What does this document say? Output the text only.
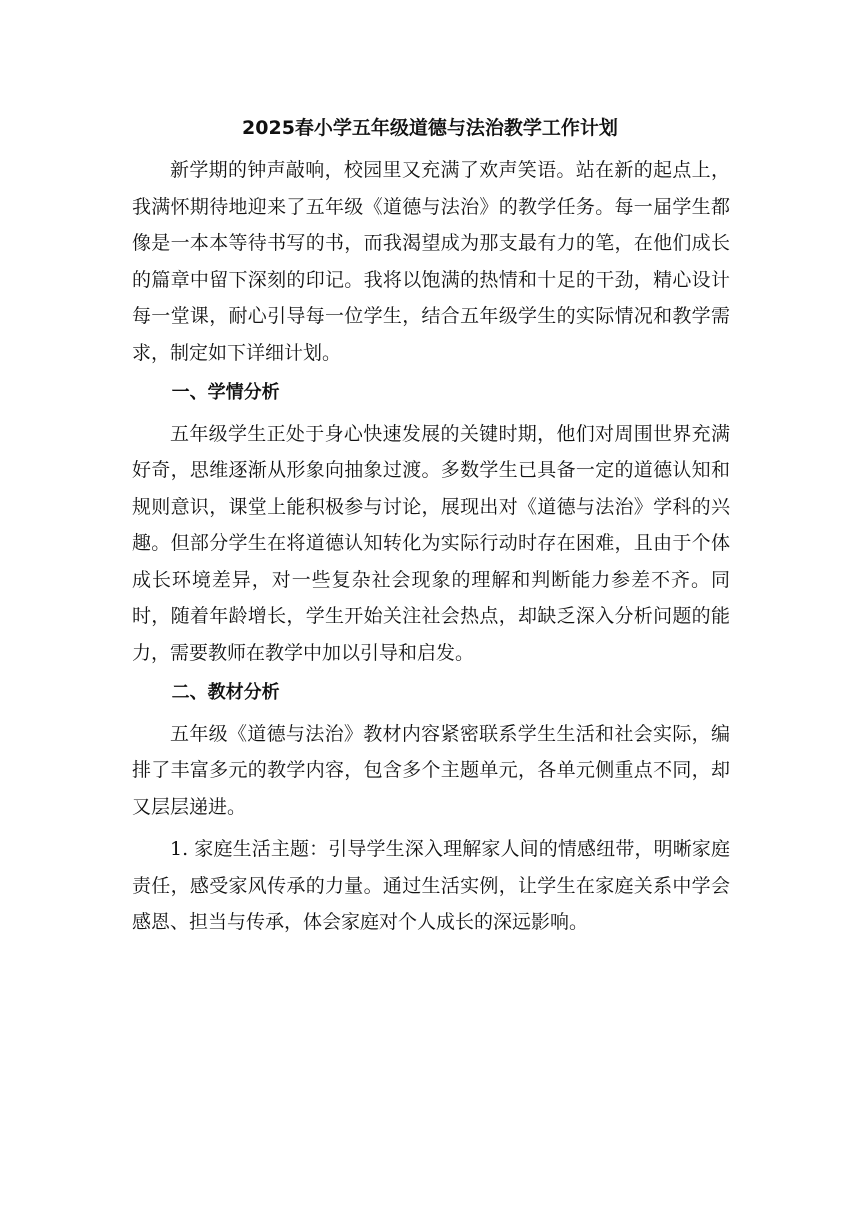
2025春小学五年级道德与法治教学工作计划

新学期的钟声敲响，校园里又充满了欢声笑语。站在新的起点上，我满怀期待地迎来了五年级《道德与法治》的教学任务。每一届学生都像是一本本等待书写的书，而我渴望成为那支最有力的笔，在他们成长的篇章中留下深刻的印记。我将以饱满的热情和十足的干劲，精心设计每一堂课，耐心引导每一位学生，结合五年级学生的实际情况和教学需求，制定如下详细计划。

一、学情分析

五年级学生正处于身心快速发展的关键时期，他们对周围世界充满好奇，思维逐渐从形象向抽象过渡。多数学生已具备一定的道德认知和规则意识，课堂上能积极参与讨论，展现出对《道德与法治》学科的兴趣。但部分学生在将道德认知转化为实际行动时存在困难，且由于个体成长环境差异，对一些复杂社会现象的理解和判断能力参差不齐。同时，随着年龄增长，学生开始关注社会热点，却缺乏深入分析问题的能力，需要教师在教学中加以引导和启发。

二、教材分析

五年级《道德与法治》教材内容紧密联系学生生活和社会实际，编排了丰富多元的教学内容，包含多个主题单元，各单元侧重点不同，却又层层递进。

1. 家庭生活主题：引导学生深入理解家人间的情感纽带，明晰家庭责任，感受家风传承的力量。通过生活实例，让学生在家庭关系中学会感恩、担当与传承，体会家庭对个人成长的深远影响。
